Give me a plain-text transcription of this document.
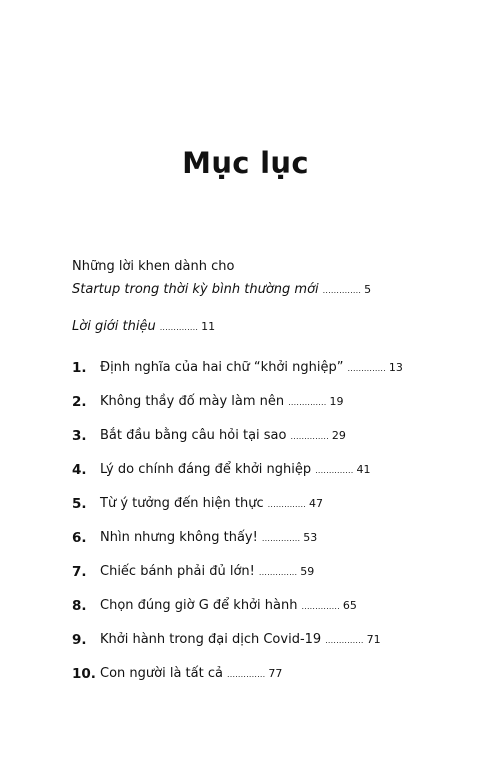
Mục lục
Những lời khen dành cho
Startup trong thời kỳ bình thường mới .............. 5
Lời giới thiệu .............. 11
1. Định nghĩa của hai chữ “khởi nghiệp” .............. 13
2. Không thầy đố mày làm nên .............. 19
3. Bắt đầu bằng câu hỏi tại sao .............. 29
4. Lý do chính đáng để khởi nghiệp .............. 41
5. Từ ý tưởng đến hiện thực .............. 47
6. Nhìn nhưng không thấy! .............. 53
7. Chiếc bánh phải đủ lớn! .............. 59
8. Chọn đúng giờ G để khởi hành .............. 65
9. Khởi hành trong đại dịch Covid-19 .............. 71
10. Con người là tất cả .............. 77
